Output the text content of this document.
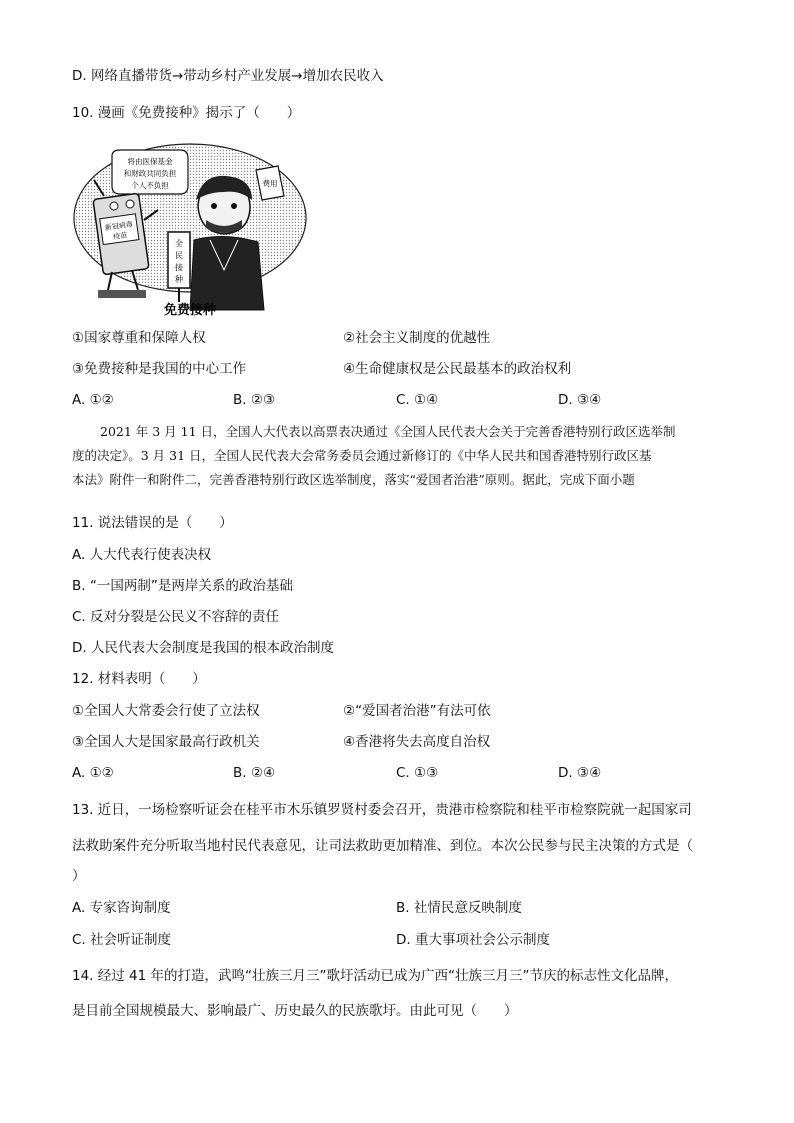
D. 网络直播带货→带动乡村产业发展→增加农民收入
10. 漫画《免费接种》揭示了（　　）
将由医保基金
和财政共同负担
个人不负担
新冠病毒
疫苗
全
民
接
种
费用
免费接种
①国家尊重和保障人权	②社会主义制度的优越性
③免费接种是我国的中心工作	④生命健康权是公民最基本的政治权利
A. ①②	B. ②③	C. ①④	D. ③④
2021 年 3 月 11 日，全国人大代表以高票表决通过《全国人民代表大会关于完善香港特别行政区选举制
度的决定》。3 月 31 日，全国人民代表大会常务委员会通过新修订的《中华人民共和国香港特别行政区基
本法》附件一和附件二，完善香港特别行政区选举制度，落实“爱国者治港”原则。据此，完成下面小题
11. 说法错误的是（　　）
A. 人大代表行使表决权
B. “一国两制”是两岸关系的政治基础
C. 反对分裂是公民义不容辞的责任
D. 人民代表大会制度是我国的根本政治制度
12. 材料表明（　　）
①全国人大常委会行使了立法权	②“爱国者治港”有法可依
③全国人大是国家最高行政机关	④香港将失去高度自治权
A. ①②	B. ②④	C. ①③	D. ③④
13. 近日，一场检察听证会在桂平市木乐镇罗贤村委会召开，贵港市检察院和桂平市检察院就一起国家司
法救助案件充分听取当地村民代表意见，让司法救助更加精准、到位。本次公民参与民主决策的方式是（
）
A. 专家咨询制度	B. 社情民意反映制度
C. 社会听证制度	D. 重大事项社会公示制度
14. 经过 41 年的打造，武鸣“壮族三月三”歌圩活动已成为广西“壮族三月三”节庆的标志性文化品牌，
是目前全国规模最大、影响最广、历史最久的民族歌圩。由此可见（　　）
